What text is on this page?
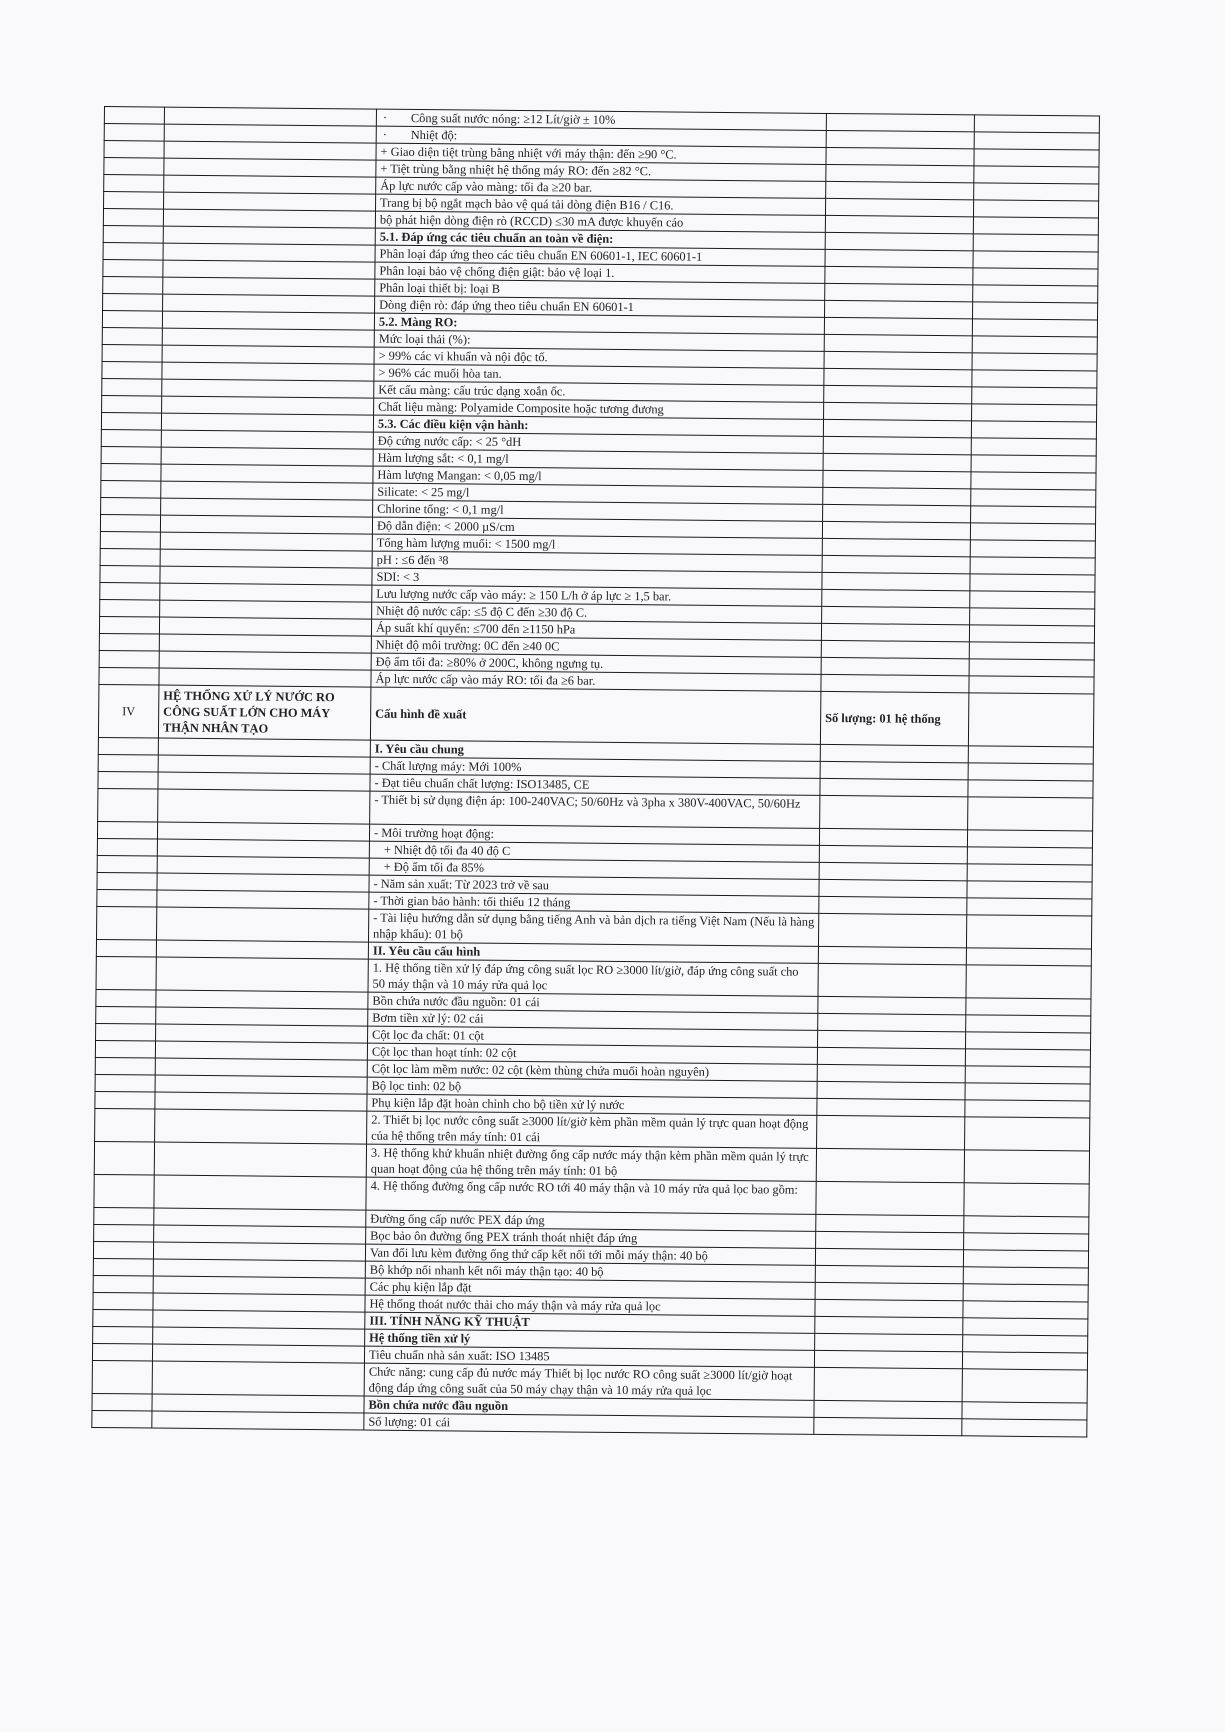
		· Công suất nước nóng: ≥12 Lít/giờ ± 10%		
		· Nhiệt độ:		
		+ Giao diện tiệt trùng bằng nhiệt với máy thận: đến ≥90 °C.		
		+ Tiệt trùng bằng nhiệt hệ thống máy RO: đến ≥82 °C.		
		Áp lực nước cấp vào màng: tối đa ≥20 bar.		
		Trang bị bộ ngắt mạch bảo vệ quá tải dòng điện B16 / C16.		
		bộ phát hiện dòng điện rò (RCCD) ≤30 mA được khuyến cáo		
		5.1. Đáp ứng các tiêu chuẩn an toàn về điện:		
		Phân loại đáp ứng theo các tiêu chuẩn EN 60601-1, IEC 60601-1		
		Phân loại bảo vệ chống điện giật: bảo vệ loại 1.		
		Phân loại thiết bị: loại B		
		Dòng điện rò: đáp ứng theo tiêu chuẩn EN 60601-1		
		5.2. Màng RO:		
		Mức loại thải (%):		
		> 99% các vi khuẩn và nội độc tố.		
		> 96% các muối hòa tan.		
		Kết cấu màng: cấu trúc dạng xoắn ốc.		
		Chất liệu màng: Polyamide Composite hoặc tương đương		
		5.3. Các điều kiện vận hành:		
		Độ cứng nước cấp: < 25 °dH		
		Hàm lượng sắt: < 0,1 mg/l		
		Hàm lượng Mangan: < 0,05 mg/l		
		Silicate: < 25 mg/l		
		Chlorine tổng: < 0,1 mg/l		
		Độ dẫn điện: < 2000 µS/cm		
		Tổng hàm lượng muối: < 1500 mg/l		
		pH : ≤6 đến ³8		
		SDI: < 3		
		Lưu lượng nước cấp vào máy: ≥ 150 L/h ở áp lực ≥ 1,5 bar.		
		Nhiệt độ nước cấp: ≤5 độ C đến ≥30 độ C.		
		Áp suất khí quyển: ≤700 đến ≥1150 hPa		
		Nhiệt độ môi trường: 0C đến ≥40 0C		
		Độ ẩm tối đa: ≥80% ở 200C, không ngưng tụ.		
		Áp lực nước cấp vào máy RO: tối đa ≥6 bar.		
IV	HỆ THỐNG XỬ LÝ NƯỚC RO CÔNG SUẤT LỚN CHO MÁY THẬN NHÂN TẠO	Cấu hình đề xuất	Số lượng: 01 hệ thống	
		I. Yêu cầu chung		
		- Chất lượng máy: Mới 100%		
		- Đạt tiêu chuẩn chất lượng: ISO13485, CE		
		- Thiết bị sử dụng điện áp: 100-240VAC; 50/60Hz và 3pha x 380V-400VAC, 50/60Hz		
		- Môi trường hoạt động:		
		+ Nhiệt độ tối đa 40 độ C		
		+ Độ ẩm tối đa 85%		
		- Năm sản xuất: Từ 2023 trở về sau		
		- Thời gian bảo hành: tối thiểu 12 tháng		
		- Tài liệu hướng dẫn sử dụng bằng tiếng Anh và bản dịch ra tiếng Việt Nam (Nếu là hàng nhập khẩu): 01 bộ		
		II. Yêu cầu cấu hình		
		1. Hệ thống tiền xử lý đáp ứng công suất lọc RO ≥3000 lít/giờ, đáp ứng công suất cho 50 máy thận và 10 máy rửa quả lọc		
		Bồn chứa nước đầu nguồn: 01 cái		
		Bơm tiền xử lý: 02 cái		
		Cột lọc đa chất: 01 cột		
		Cột lọc than hoạt tính: 02 cột		
		Cột lọc làm mềm nước: 02 cột (kèm thùng chứa muối hoàn nguyên)		
		Bộ lọc tinh: 02 bộ		
		Phụ kiện lắp đặt hoàn chỉnh cho bộ tiền xử lý nước		
		2. Thiết bị lọc nước công suất ≥3000 lít/giờ kèm phần mềm quản lý trực quan hoạt động của hệ thống trên máy tính: 01 cái		
		3. Hệ thống khử khuẩn nhiệt đường ống cấp nước máy thận kèm phần mềm quản lý trực quan hoạt động của hệ thống trên máy tính: 01 bộ		
		4. Hệ thống đường ống cấp nước RO tới 40 máy thận và 10 máy rửa quả lọc bao gồm:		
		Đường ống cấp nước PEX đáp ứng		
		Bọc bảo ôn đường ống PEX tránh thoát nhiệt đáp ứng		
		Van đổi lưu kèm đường ống thứ cấp kết nối tới mỗi máy thận: 40 bộ		
		Bộ khớp nối nhanh kết nối máy thận tạo: 40 bộ		
		Các phụ kiện lắp đặt		
		Hệ thống thoát nước thải cho máy thận và máy rửa quả lọc		
		III. TÍNH NĂNG KỸ THUẬT		
		Hệ thống tiền xử lý		
		Tiêu chuẩn nhà sản xuất: ISO 13485		
		Chức năng: cung cấp đủ nước máy Thiết bị lọc nước RO công suất ≥3000 lít/giờ hoạt động đáp ứng công suất của 50 máy chạy thận và 10 máy rửa quả lọc		
		Bồn chứa nước đầu nguồn		
		Số lượng: 01 cái		
